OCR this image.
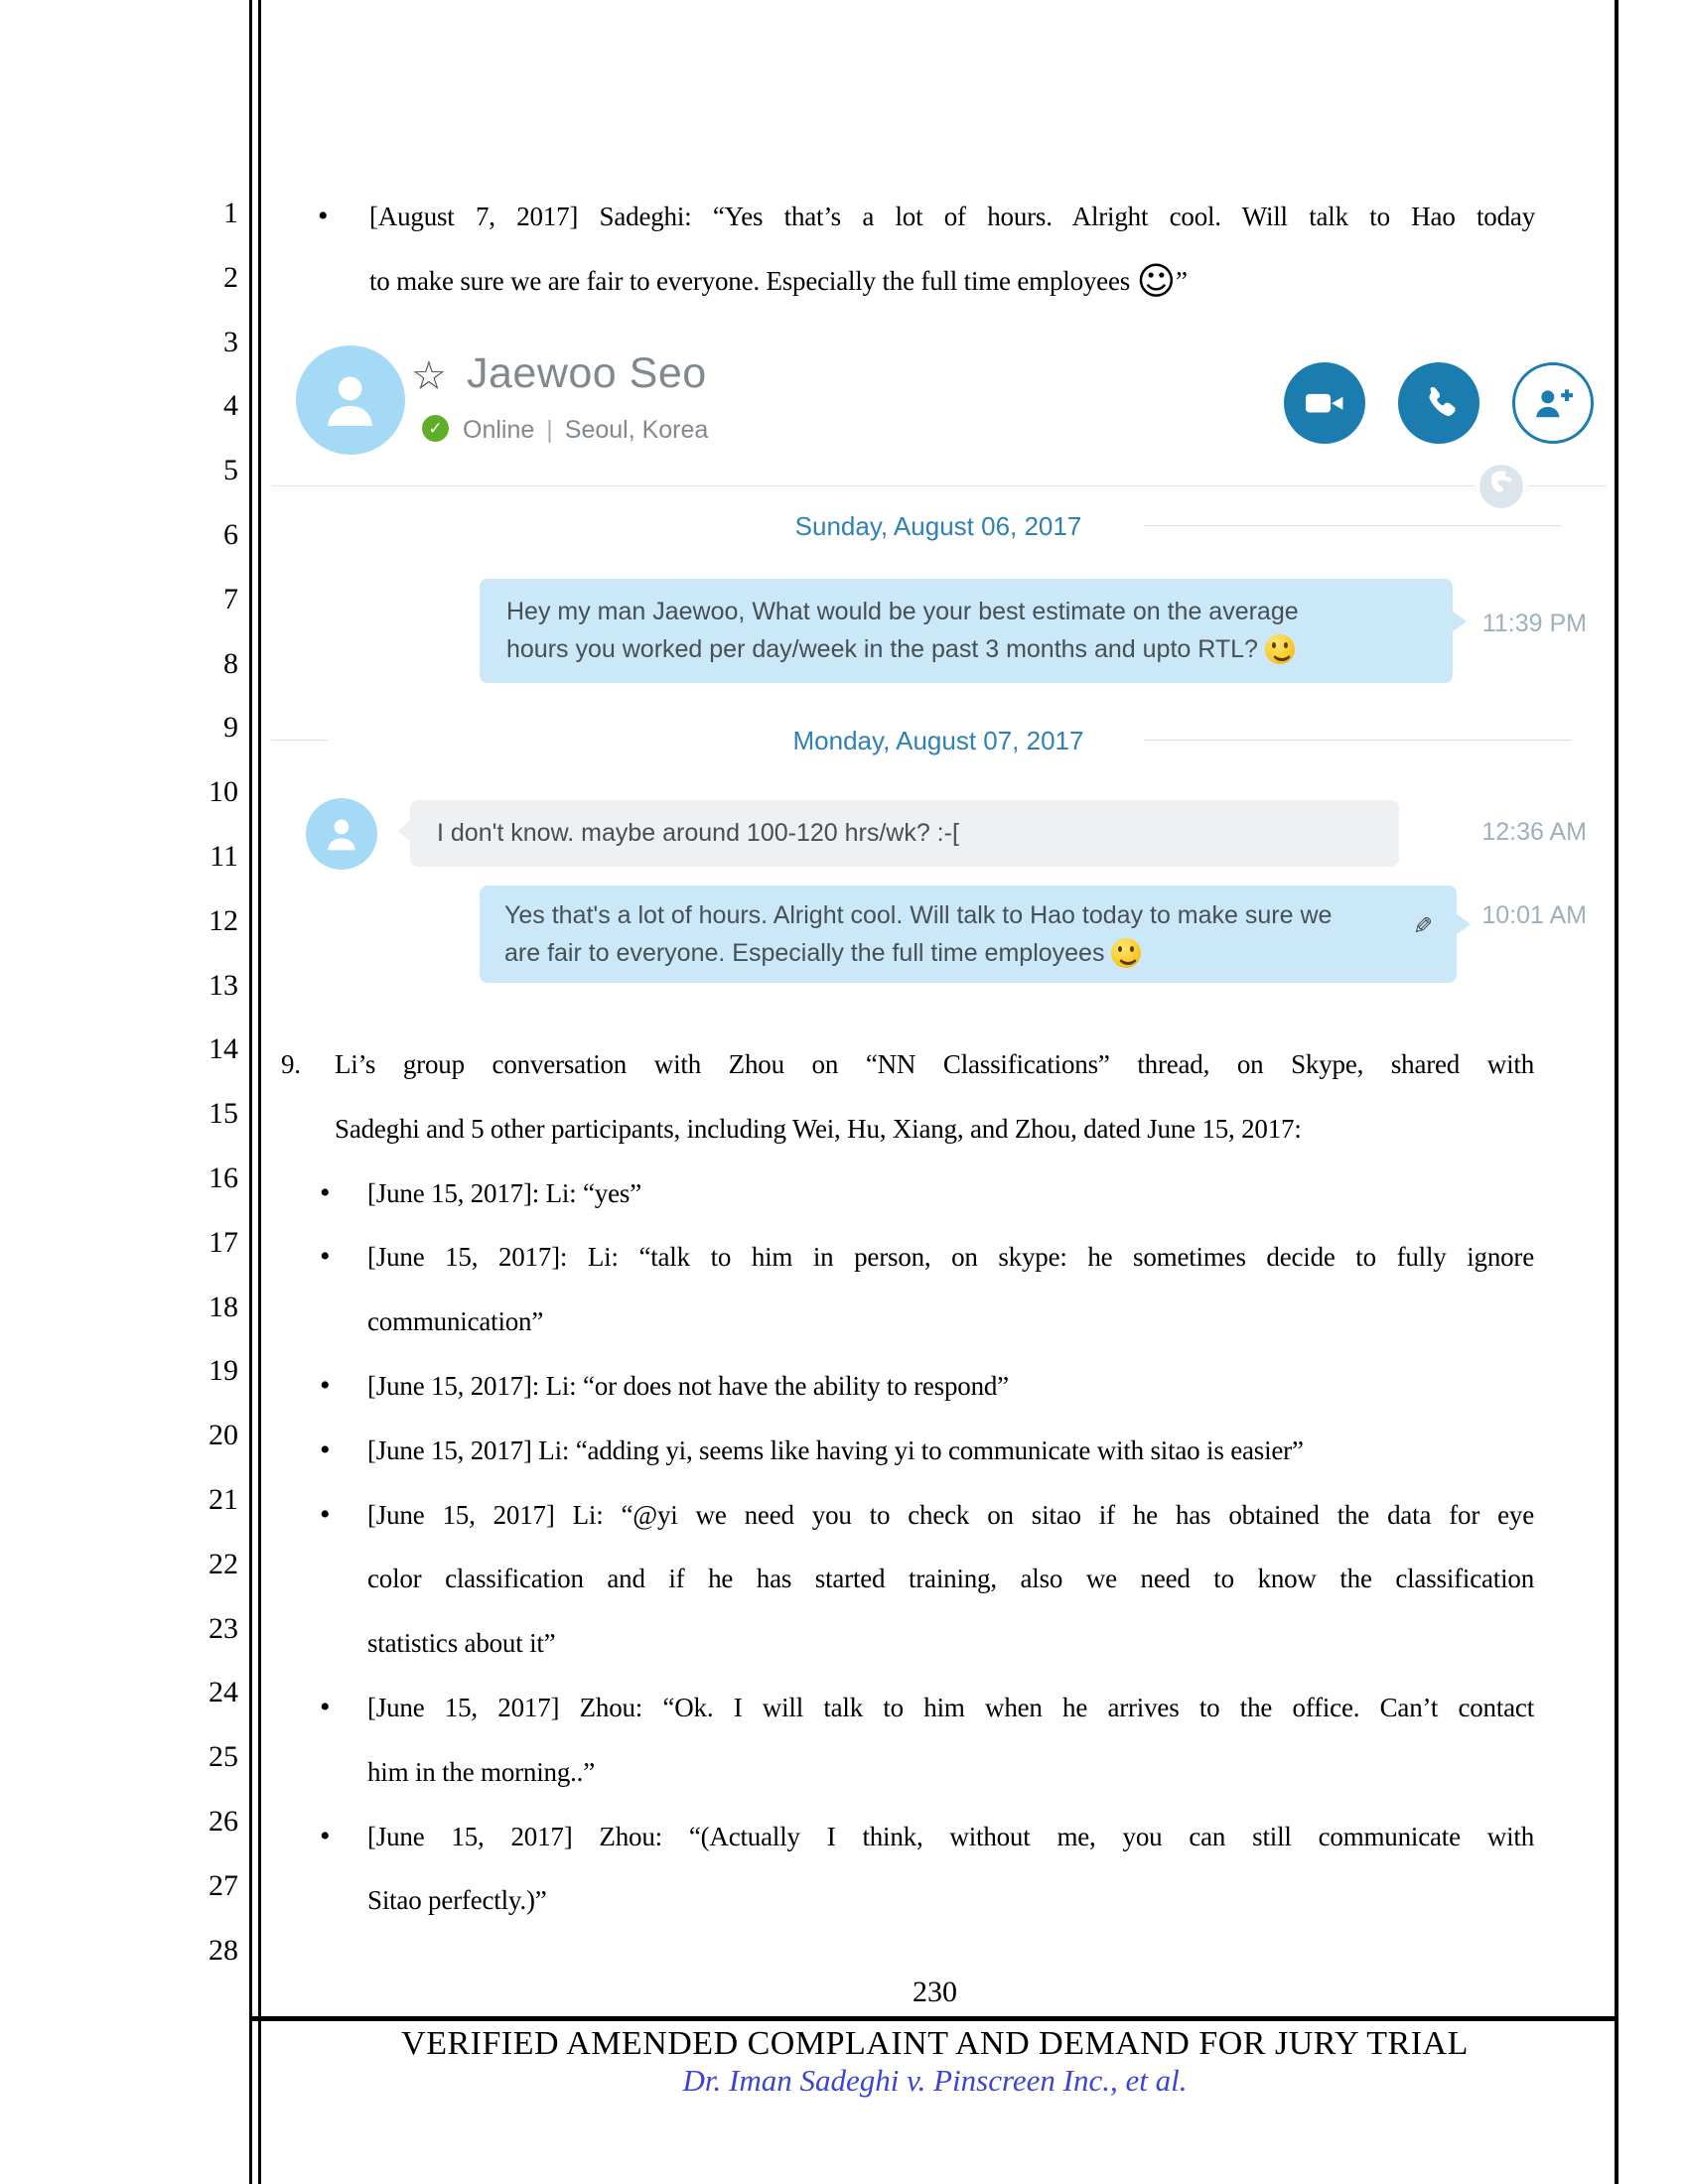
1
2
3
4
5
6
7
8
9
10
11
12
13
14
15
16
17
18
19
20
21
22
23
24
25
26
27
28
• [August 7, 2017] Sadeghi: “Yes that’s a lot of hours. Alright cool. Will talk to Hao today
to make sure we are fair to everyone. Especially the full time employees ☺”
☆ Jaewoo Seo
✓ Online | Seoul, Korea
Sunday, August 06, 2017
Hey my man Jaewoo, What would be your best estimate on the average
hours you worked per day/week in the past 3 months and upto RTL?
11:39 PM
Monday, August 07, 2017
I don't know. maybe around 100-120 hrs/wk? :-[	12:36 AM
Yes that's a lot of hours. Alright cool. Will talk to Hao today to make sure we
are fair to everyone. Especially the full time employees
✎	10:01 AM
9. Li’s group conversation with Zhou on “NN Classifications” thread, on Skype, shared with
Sadeghi and 5 other participants, including Wei, Hu, Xiang, and Zhou, dated June 15, 2017:
• [June 15, 2017]: Li: “yes”
• [June 15, 2017]: Li: “talk to him in person, on skype: he sometimes decide to fully ignore
communication”
• [June 15, 2017]: Li: “or does not have the ability to respond”
• [June 15, 2017] Li: “adding yi, seems like having yi to communicate with sitao is easier”
• [June 15, 2017] Li: “@yi we need you to check on sitao if he has obtained the data for eye
color classification and if he has started training, also we need to know the classification
statistics about it”
• [June 15, 2017] Zhou: “Ok. I will talk to him when he arrives to the office. Can’t contact
him in the morning..”
• [June 15, 2017] Zhou: “(Actually I think, without me, you can still communicate with
Sitao perfectly.)”
230
VERIFIED AMENDED COMPLAINT AND DEMAND FOR JURY TRIAL
Dr. Iman Sadeghi v. Pinscreen Inc., et al.
